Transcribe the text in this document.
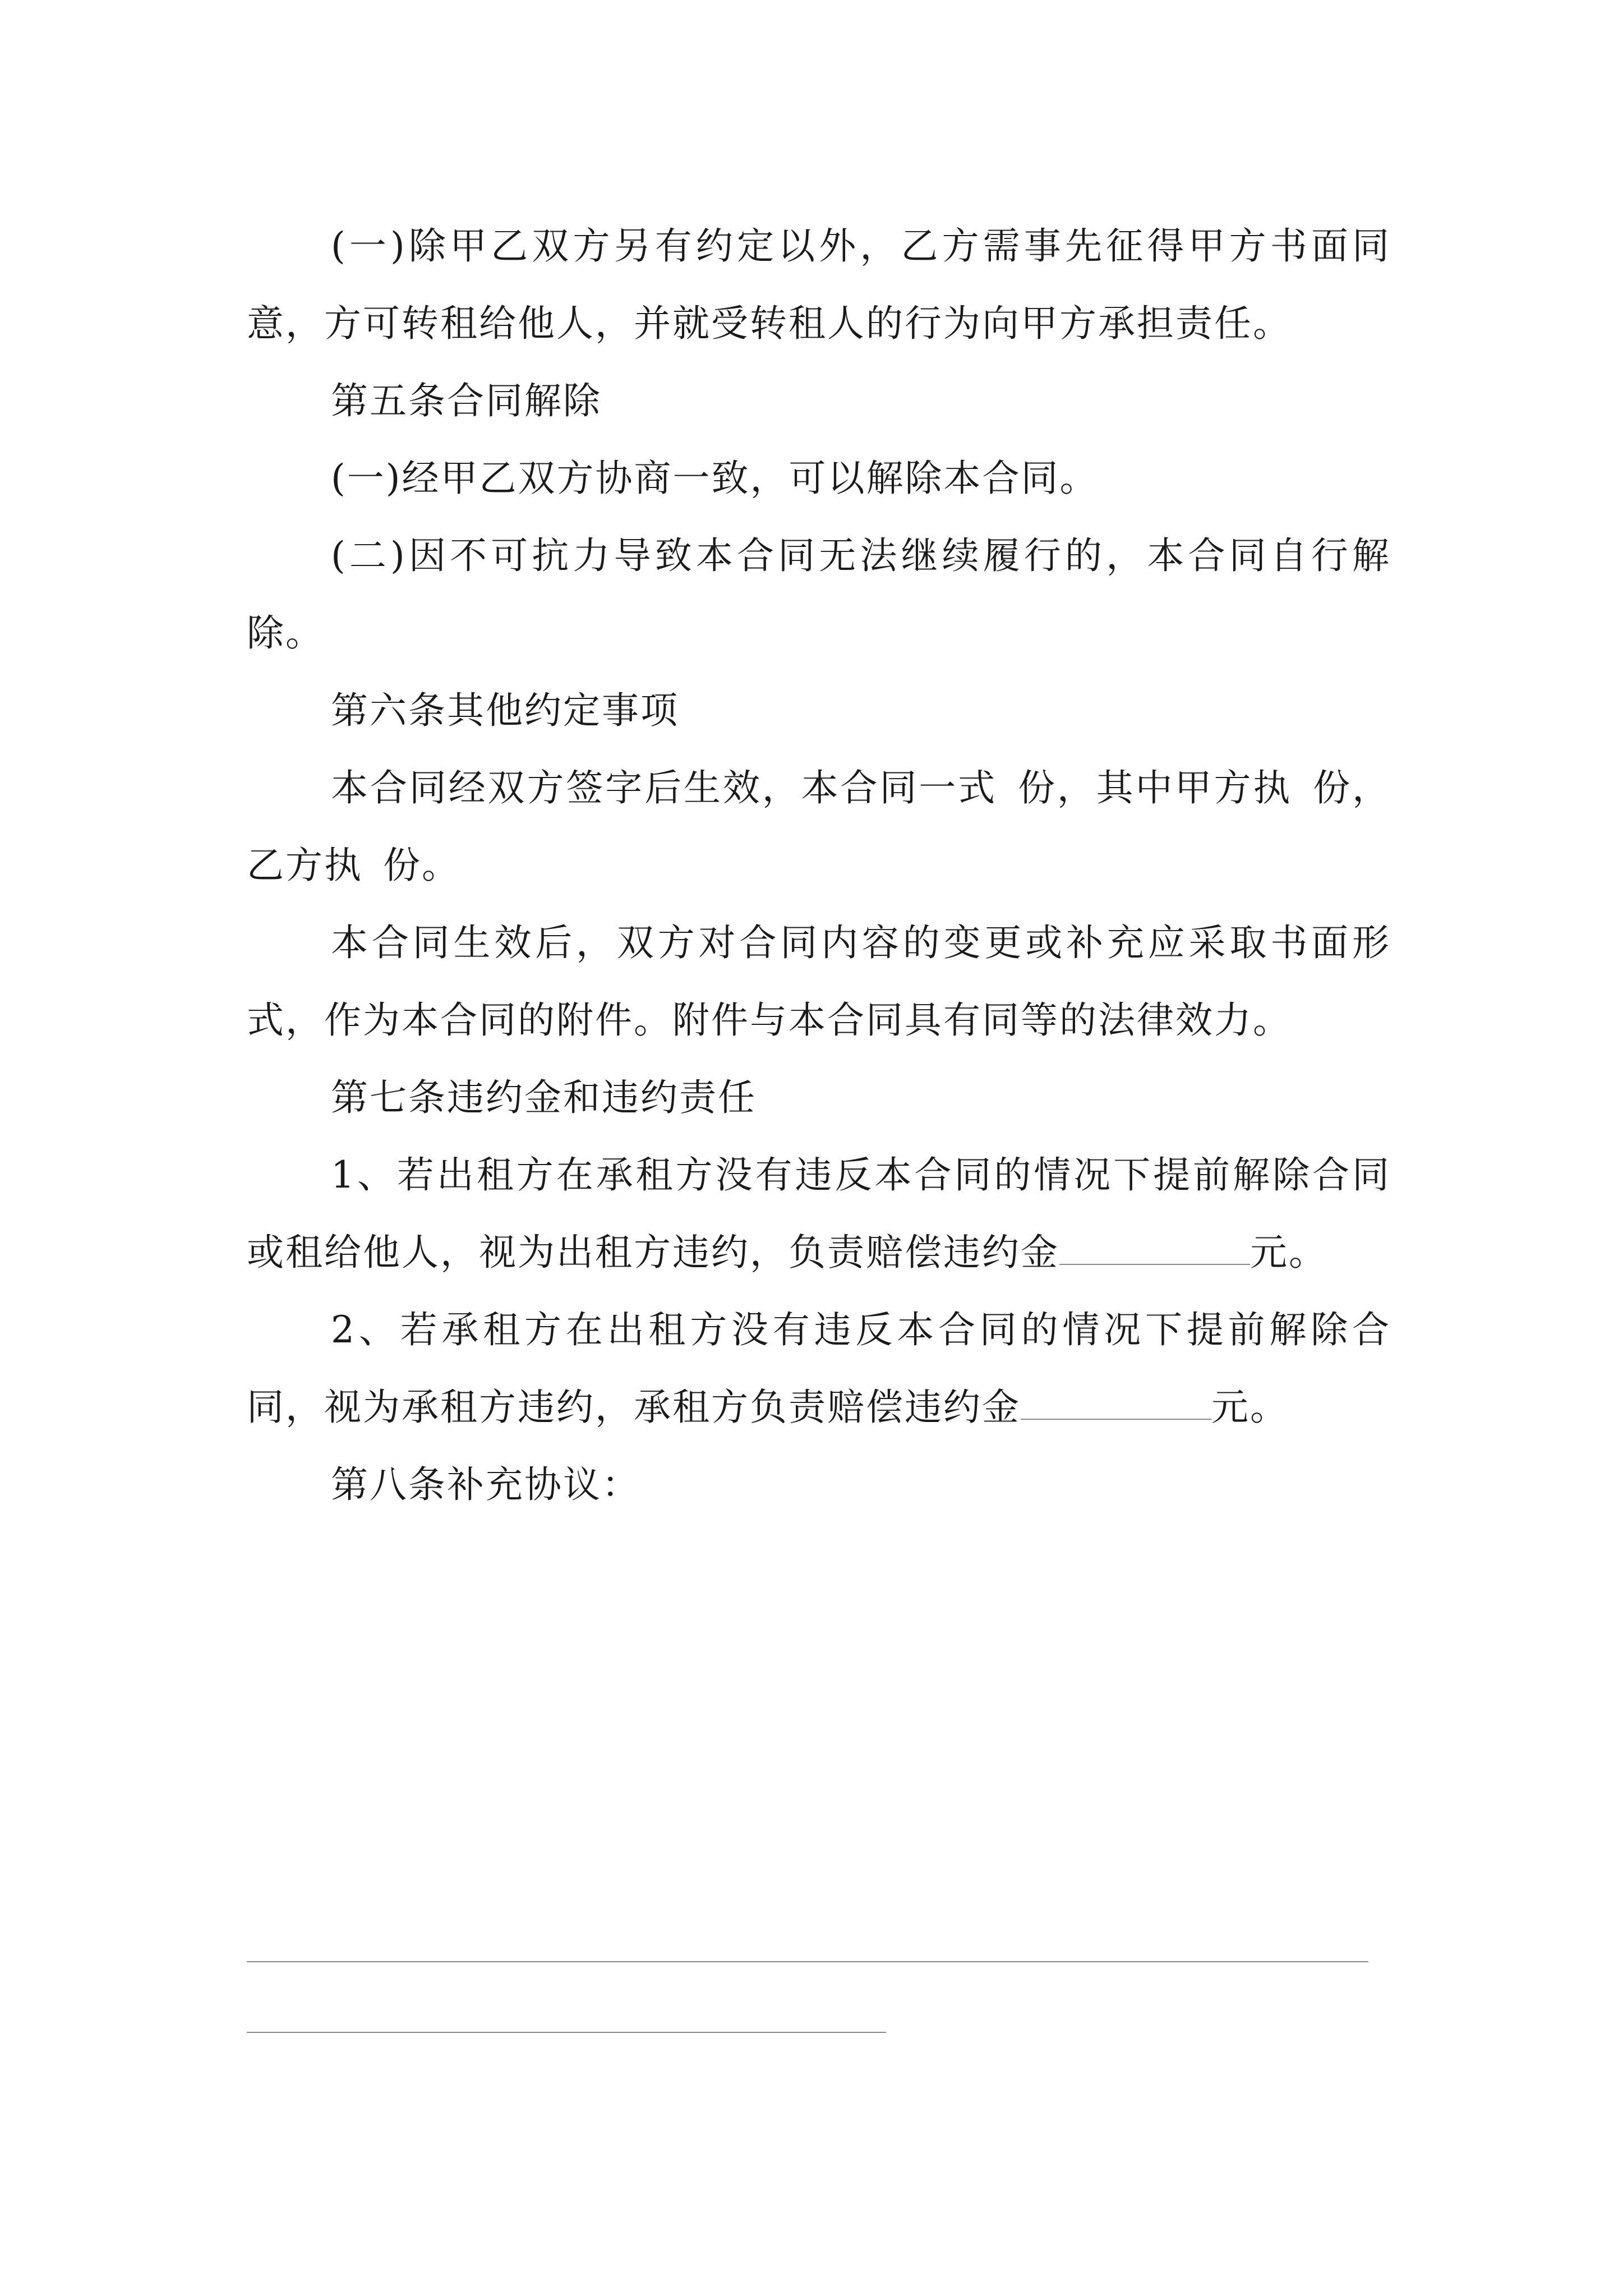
(一)除甲乙双方另有约定以外，乙方需事先征得甲方书面同意，方可转租给他人，并就受转租人的行为向甲方承担责任。

第五条合同解除

(一)经甲乙双方协商一致，可以解除本合同。

(二)因不可抗力导致本合同无法继续履行的，本合同自行解除。

第六条其他约定事项

本合同经双方签字后生效，本合同一式 份，其中甲方执 份，乙方执 份。

本合同生效后，双方对合同内容的变更或补充应采取书面形式，作为本合同的附件。附件与本合同具有同等的法律效力。

第七条违约金和违约责任

1、若出租方在承租方没有违反本合同的情况下提前解除合同或租给他人，视为出租方违约，负责赔偿违约金	元。

2、若承租方在出租方没有违反本合同的情况下提前解除合同，视为承租方违约，承租方负责赔偿违约金	元。

第八条补充协议：
